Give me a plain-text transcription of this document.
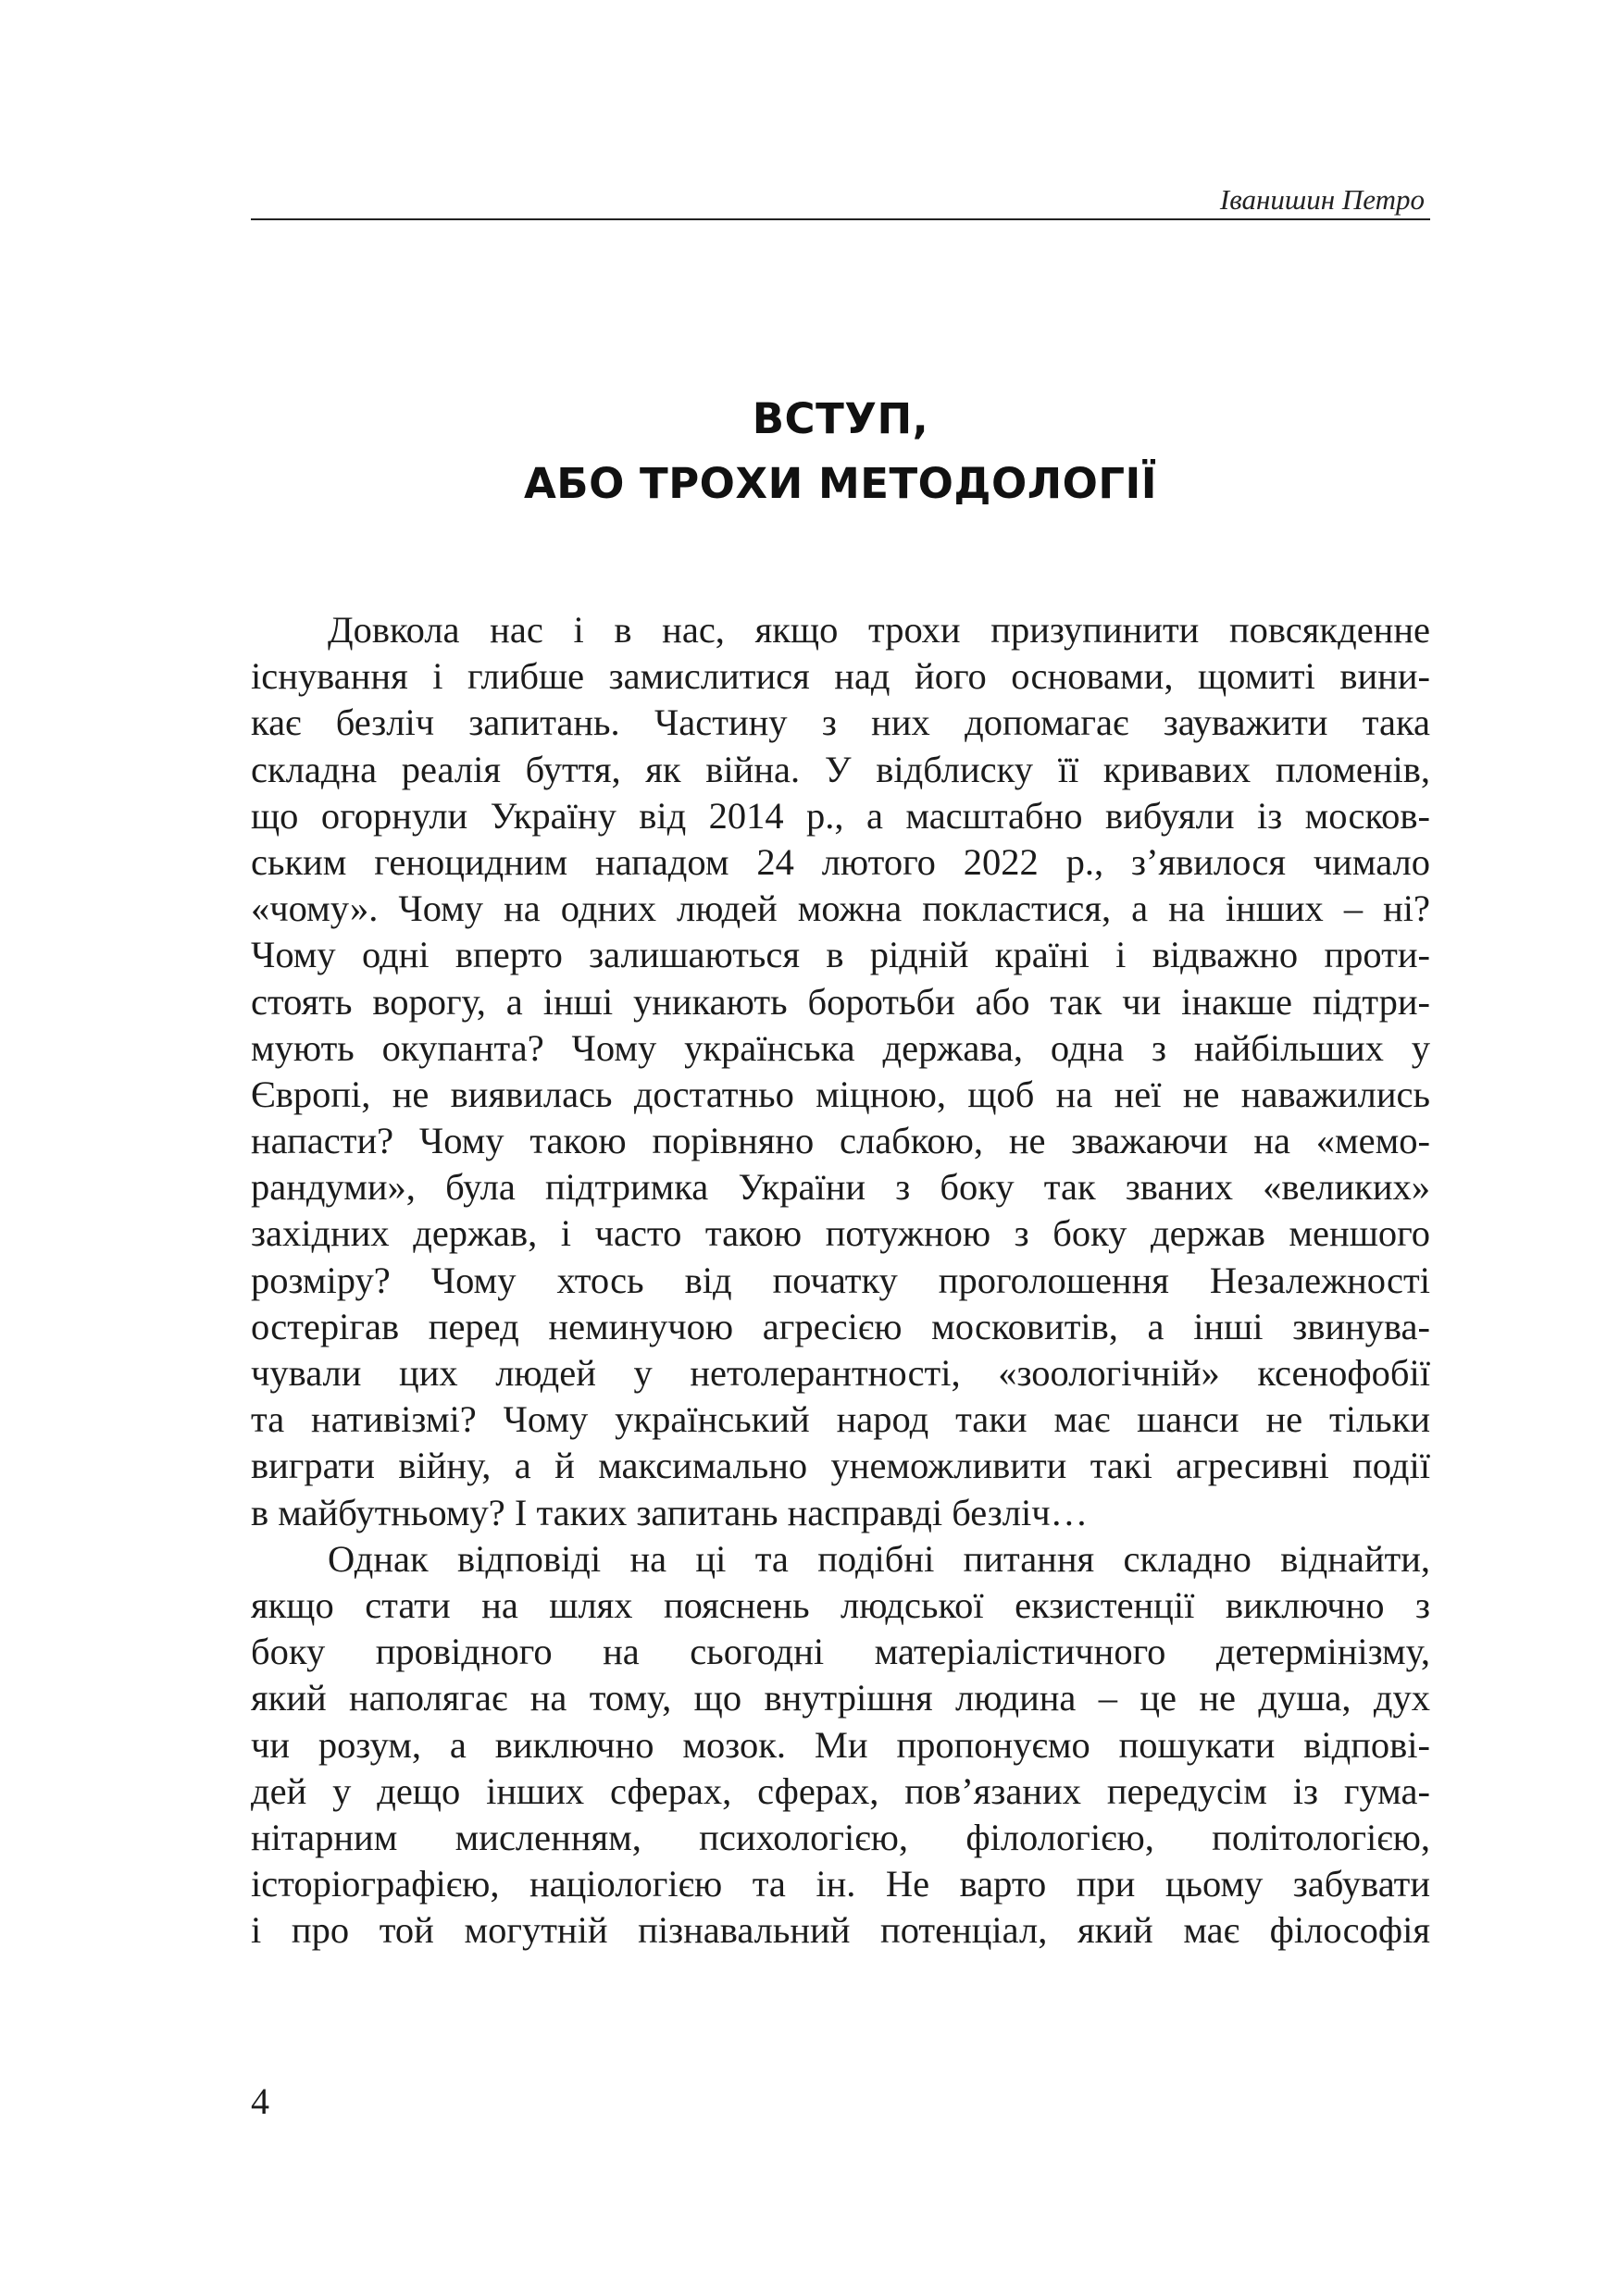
Іванишин Петро
ВСТУП,
АБО ТРОХИ МЕТОДОЛОГІЇ
Довкола нас і в нас, якщо трохи призупинити повсякденне
існування і глибше замислитися над його основами, щомиті вини-
кає безліч запитань. Частину з них допомагає зауважити така
складна реалія буття, як війна. У відблиску її кривавих пломенів,
що огорнули Україну від 2014 р., а масштабно вибуяли із москов-
ським геноцидним нападом 24 лютого 2022 р., з’явилося чимало
«чому». Чому на одних людей можна покластися, а на інших – ні?
Чому одні вперто залишаються в рідній країні і відважно проти-
стоять ворогу, а інші уникають боротьби або так чи інакше підтри-
мують окупанта? Чому українська держава, одна з найбільших у
Європі, не виявилась достатньо міцною, щоб на неї не наважились
напасти? Чому такою порівняно слабкою, не зважаючи на «мемо-
рандуми», була підтримка України з боку так званих «великих»
західних держав, і часто такою потужною з боку держав меншого
розміру? Чому хтось від початку проголошення Незалежності
остерігав перед неминучою агресією московитів, а інші звинува-
чували цих людей у нетолерантності, «зоологічній» ксенофобії
та нативізмі? Чому український народ таки має шанси не тільки
виграти війну, а й максимально унеможливити такі агресивні події
в майбутньому? І таких запитань насправді безліч…
Однак відповіді на ці та подібні питання складно віднайти,
якщо стати на шлях пояснень людської екзистенції виключно з
боку провідного на сьогодні матеріалістичного детермінізму,
який наполягає на тому, що внутрішня людина – це не душа, дух
чи розум, а виключно мозок. Ми пропонуємо пошукати відпові-
дей у дещо інших сферах, сферах, пов’язаних передусім із гума-
нітарним мисленням, психологією, філологією, політологією,
історіографією, націологією та ін. Не варто при цьому забувати
і про той могутній пізнавальний потенціал, який має філософія
4
